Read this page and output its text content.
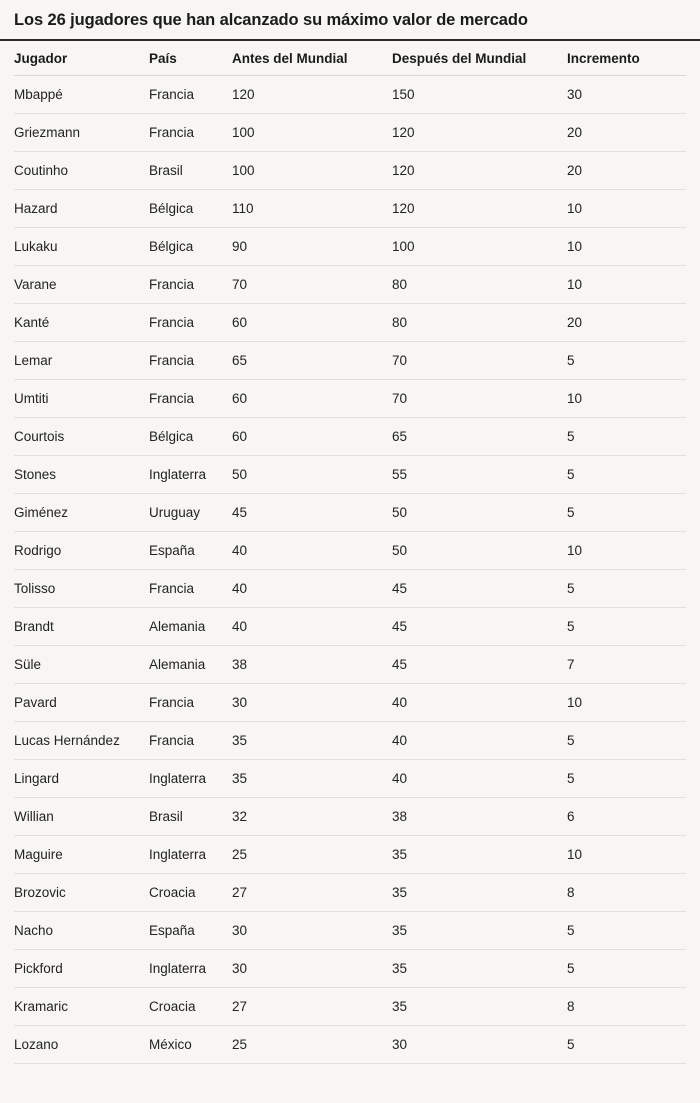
Los 26 jugadores que han alcanzado su máximo valor de mercado
Jugador	País	Antes del Mundial	Después del Mundial	Incremento
Mbappé	Francia	120	150	30
Griezmann	Francia	100	120	20
Coutinho	Brasil	100	120	20
Hazard	Bélgica	110	120	10
Lukaku	Bélgica	90	100	10
Varane	Francia	70	80	10
Kanté	Francia	60	80	20
Lemar	Francia	65	70	5
Umtiti	Francia	60	70	10
Courtois	Bélgica	60	65	5
Stones	Inglaterra	50	55	5
Giménez	Uruguay	45	50	5
Rodrigo	España	40	50	10
Tolisso	Francia	40	45	5
Brandt	Alemania	40	45	5
Süle	Alemania	38	45	7
Pavard	Francia	30	40	10
Lucas Hernández	Francia	35	40	5
Lingard	Inglaterra	35	40	5
Willian	Brasil	32	38	6
Maguire	Inglaterra	25	35	10
Brozovic	Croacia	27	35	8
Nacho	España	30	35	5
Pickford	Inglaterra	30	35	5
Kramaric	Croacia	27	35	8
Lozano	México	25	30	5
